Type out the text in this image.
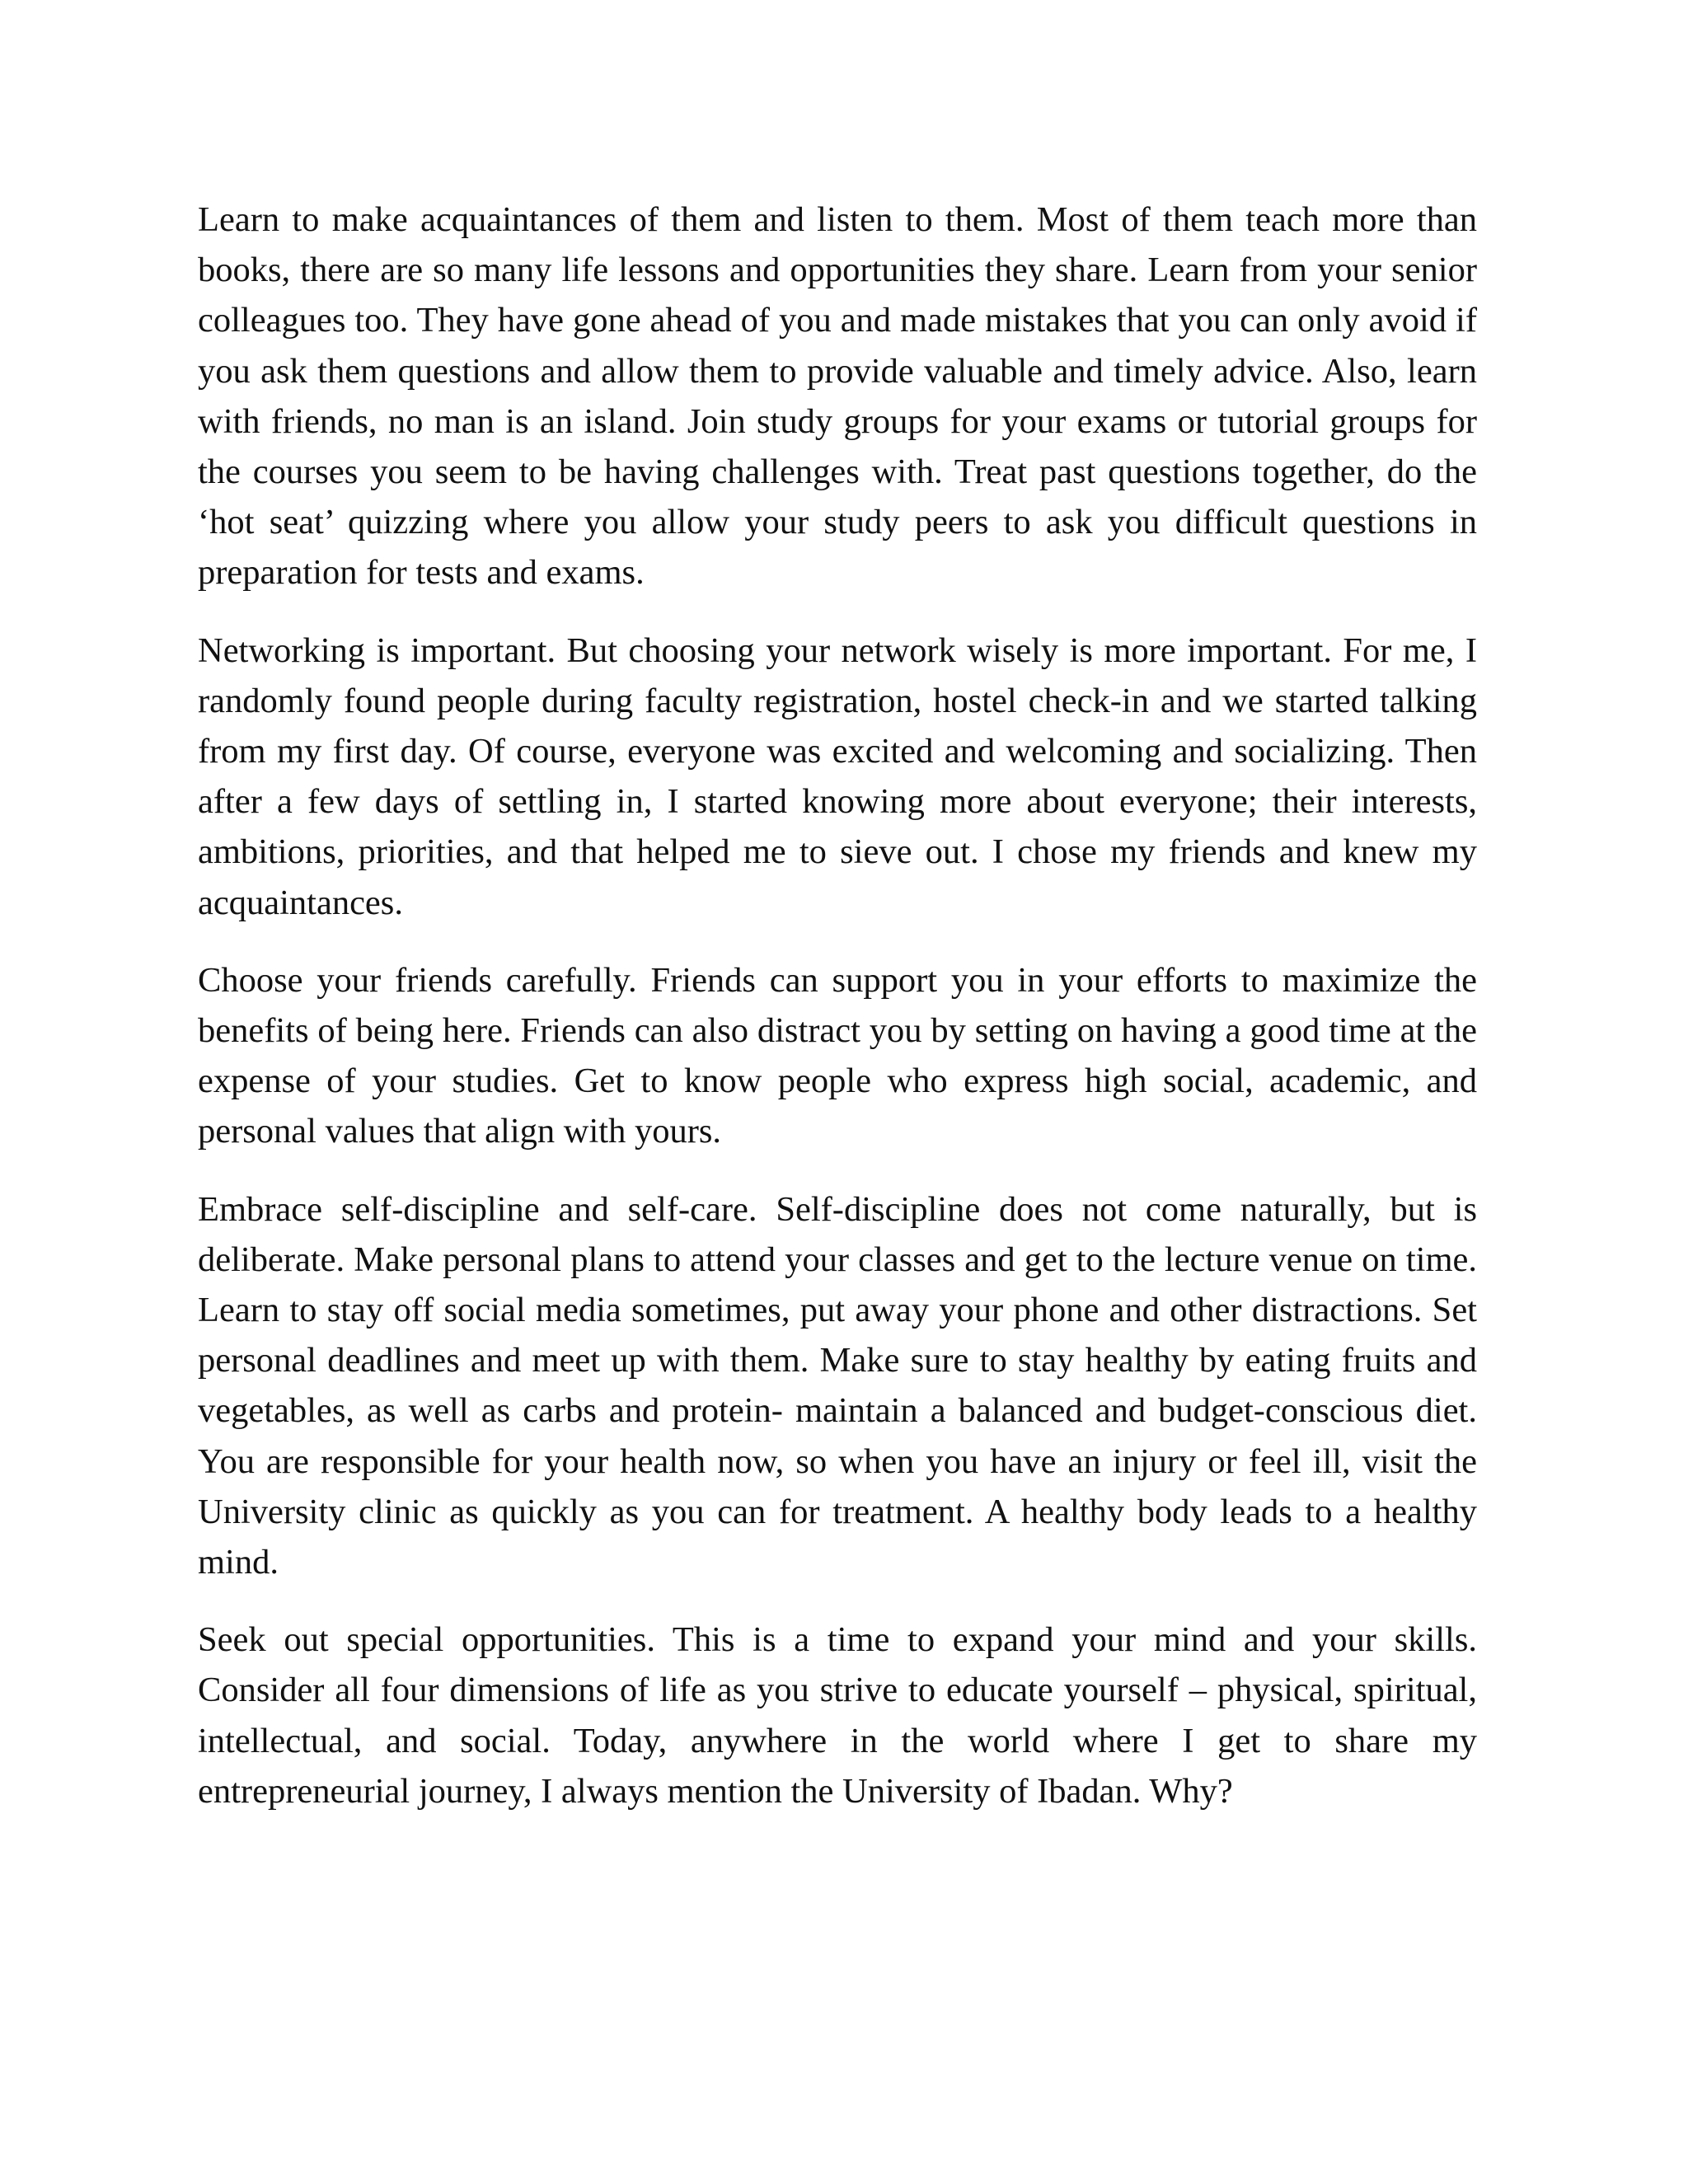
Learn to make acquaintances of them and listen to them. Most of them teach more than books, there are so many life lessons and opportunities they share. Learn from your senior colleagues too. They have gone ahead of you and made mistakes that you can only avoid if you ask them questions and allow them to provide valuable and timely advice. Also, learn with friends, no man is an island. Join study groups for your exams or tutorial groups for the courses you seem to be having challenges with. Treat past questions together, do the ‘hot seat’ quizzing where you allow your study peers to ask you difficult questions in preparation for tests and exams.

Networking is important. But choosing your network wisely is more important. For me, I randomly found people during faculty registration, hostel check-in and we started talking from my first day. Of course, everyone was excited and welcoming and socializing. Then after a few days of settling in, I started knowing more about everyone; their interests, ambitions, priorities, and that helped me to sieve out. I chose my friends and knew my acquaintances.

Choose your friends carefully. Friends can support you in your efforts to maximize the benefits of being here. Friends can also distract you by setting on having a good time at the expense of your studies. Get to know people who express high social, academic, and personal values that align with yours.

Embrace self-discipline and self-care. Self-discipline does not come naturally, but is deliberate. Make personal plans to attend your classes and get to the lecture venue on time. Learn to stay off social media sometimes, put away your phone and other distractions. Set personal deadlines and meet up with them. Make sure to stay healthy by eating fruits and vegetables, as well as carbs and protein- maintain a balanced and budget-conscious diet. You are responsible for your health now, so when you have an injury or feel ill, visit the University clinic as quickly as you can for treatment. A healthy body leads to a healthy mind.

Seek out special opportunities. This is a time to expand your mind and your skills. Consider all four dimensions of life as you strive to educate yourself – physical, spiritual, intellectual, and social. Today, anywhere in the world where I get to share my entrepreneurial journey, I always mention the University of Ibadan. Why?
